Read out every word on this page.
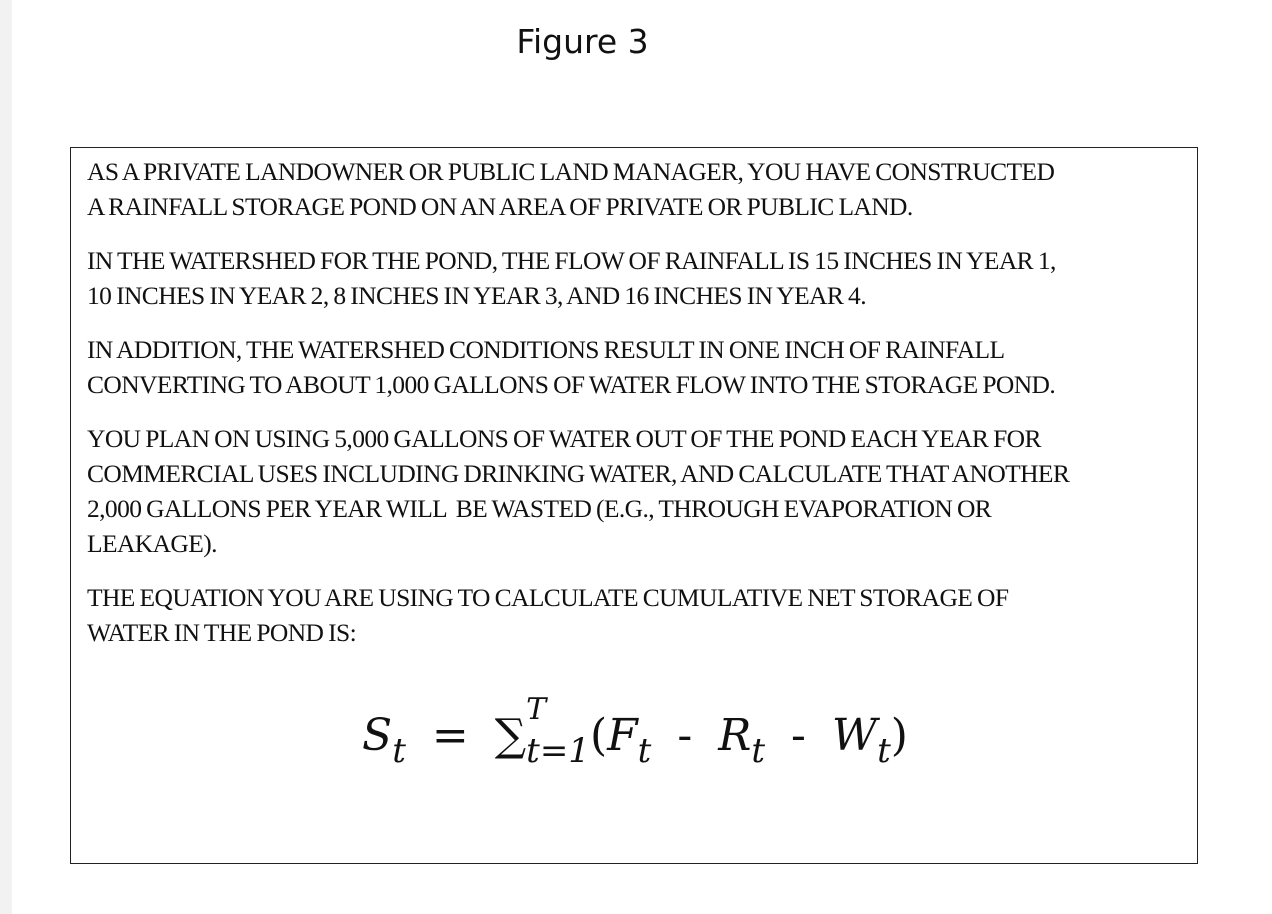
Figure 3

AS A PRIVATE LANDOWNER OR PUBLIC LAND MANAGER, YOU HAVE CONSTRUCTED
A RAINFALL STORAGE POND ON AN AREA OF PRIVATE OR PUBLIC LAND.

IN THE WATERSHED FOR THE POND, THE FLOW OF RAINFALL IS 15 INCHES IN YEAR 1,
10 INCHES IN YEAR 2, 8 INCHES IN YEAR 3, AND 16 INCHES IN YEAR 4.

IN ADDITION, THE WATERSHED CONDITIONS RESULT IN ONE INCH OF RAINFALL
CONVERTING TO ABOUT 1,000 GALLONS OF WATER FLOW INTO THE STORAGE POND.

YOU PLAN ON USING 5,000 GALLONS OF WATER OUT OF THE POND EACH YEAR FOR
COMMERCIAL USES INCLUDING DRINKING WATER, AND CALCULATE THAT ANOTHER
2,000 GALLONS PER YEAR WILL  BE WASTED (E.G., THROUGH EVAPORATION OR
LEAKAGE).

THE EQUATION YOU ARE USING TO CALCULATE CUMULATIVE NET STORAGE OF
WATER IN THE POND IS:

$S_t$ = ∑
T
$_{t=1}(F_t - R_t - W_t)$
